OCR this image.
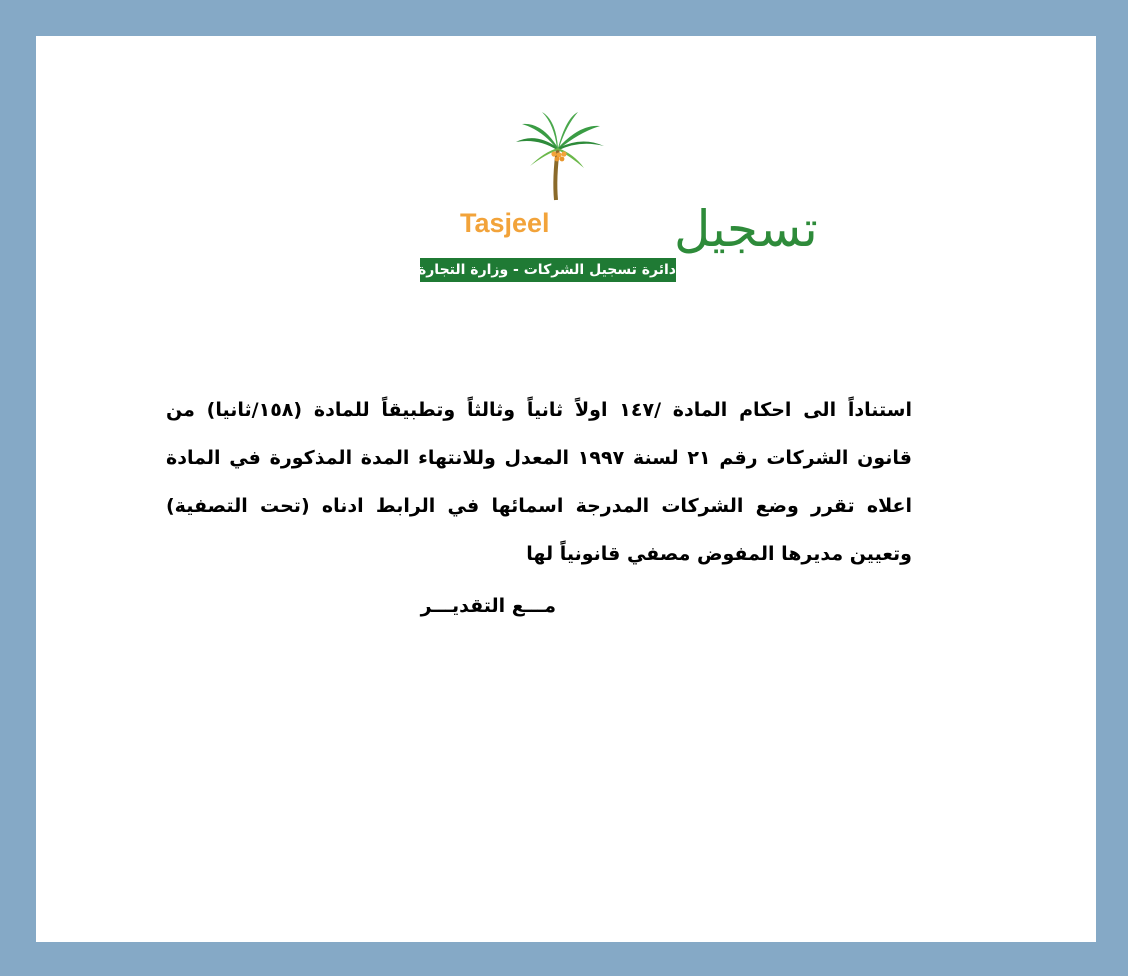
Tasjeel تسجيل
دائرة تسجيل الشركات - وزارة التجارة
استناداً الى احكام المادة /١٤٧ اولاً ثانياً وثالثاً وتطبيقاً للمادة (١٥٨/ثانيا) من قانون الشركات رقم ٢١ لسنة ١٩٩٧ المعدل وللانتهاء المدة المذكورة في المادة اعلاه تقرر وضع الشركات المدرجة اسمائها في الرابط ادناه (تحت التصفية) وتعيين مديرها المفوض مصفي قانونياً لها
مـــع التقديـــر
